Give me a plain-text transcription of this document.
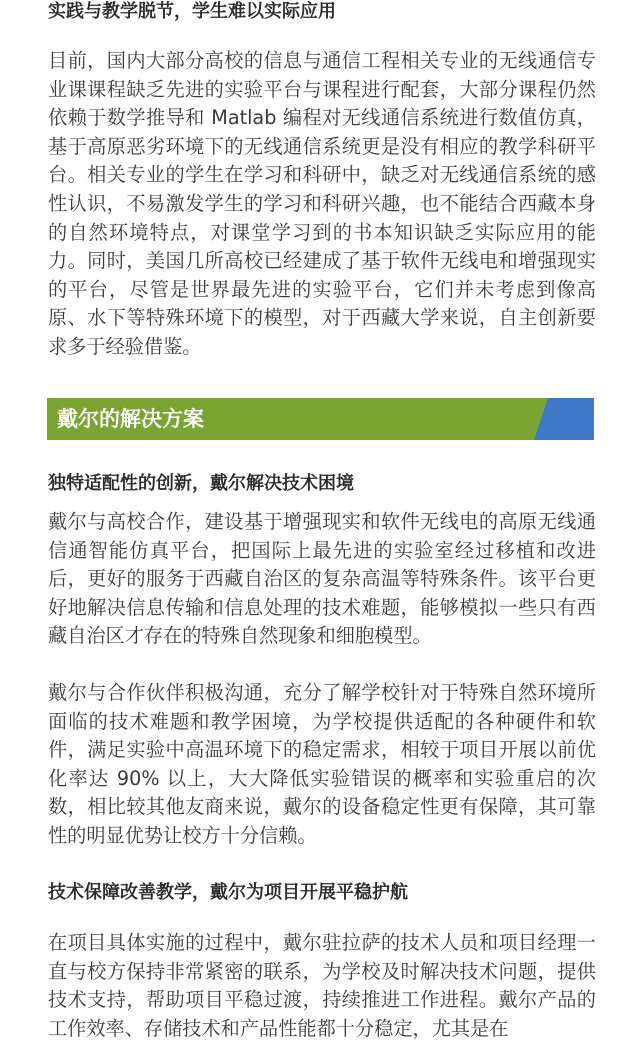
实践与教学脱节，学生难以实际应用

目前，国内大部分高校的信息与通信工程相关专业的无线通信专业课课程缺乏先进的实验平台与课程进行配套，大部分课程仍然依赖于数学推导和 Matlab 编程对无线通信系统进行数值仿真，基于高原恶劣环境下的无线通信系统更是没有相应的教学科研平台。相关专业的学生在学习和科研中，缺乏对无线通信系统的感性认识，不易激发学生的学习和科研兴趣，也不能结合西藏本身的自然环境特点，对课堂学习到的书本知识缺乏实际应用的能力。同时，美国几所高校已经建成了基于软件无线电和增强现实的平台，尽管是世界最先进的实验平台，它们并未考虑到像高原、水下等特殊环境下的模型，对于西藏大学来说，自主创新要求多于经验借鉴。

独特适配性的创新，戴尔解决技术困境

戴尔与高校合作，建设基于增强现实和软件无线电的高原无线通信通智能仿真平台，把国际上最先进的实验室经过移植和改进后，更好的服务于西藏自治区的复杂高温等特殊条件。该平台更好地解决信息传输和信息处理的技术难题，能够模拟一些只有西藏自治区才存在的特殊自然现象和细胞模型。

戴尔与合作伙伴积极沟通，充分了解学校针对于特殊自然环境所面临的技术难题和教学困境，为学校提供适配的各种硬件和软件，满足实验中高温环境下的稳定需求，相较于项目开展以前优化率达 90% 以上，大大降低实验错误的概率和实验重启的次数，相比较其他友商来说，戴尔的设备稳定性更有保障，其可靠性的明显优势让校方十分信赖。

技术保障改善教学，戴尔为项目开展平稳护航

在项目具体实施的过程中，戴尔驻拉萨的技术人员和项目经理一直与校方保持非常紧密的联系，为学校及时解决技术问题，提供技术支持，帮助项目平稳过渡，持续推进工作进程。戴尔产品的工作效率、存储技术和产品性能都十分稳定，尤其是在

戴尔的解决方案
